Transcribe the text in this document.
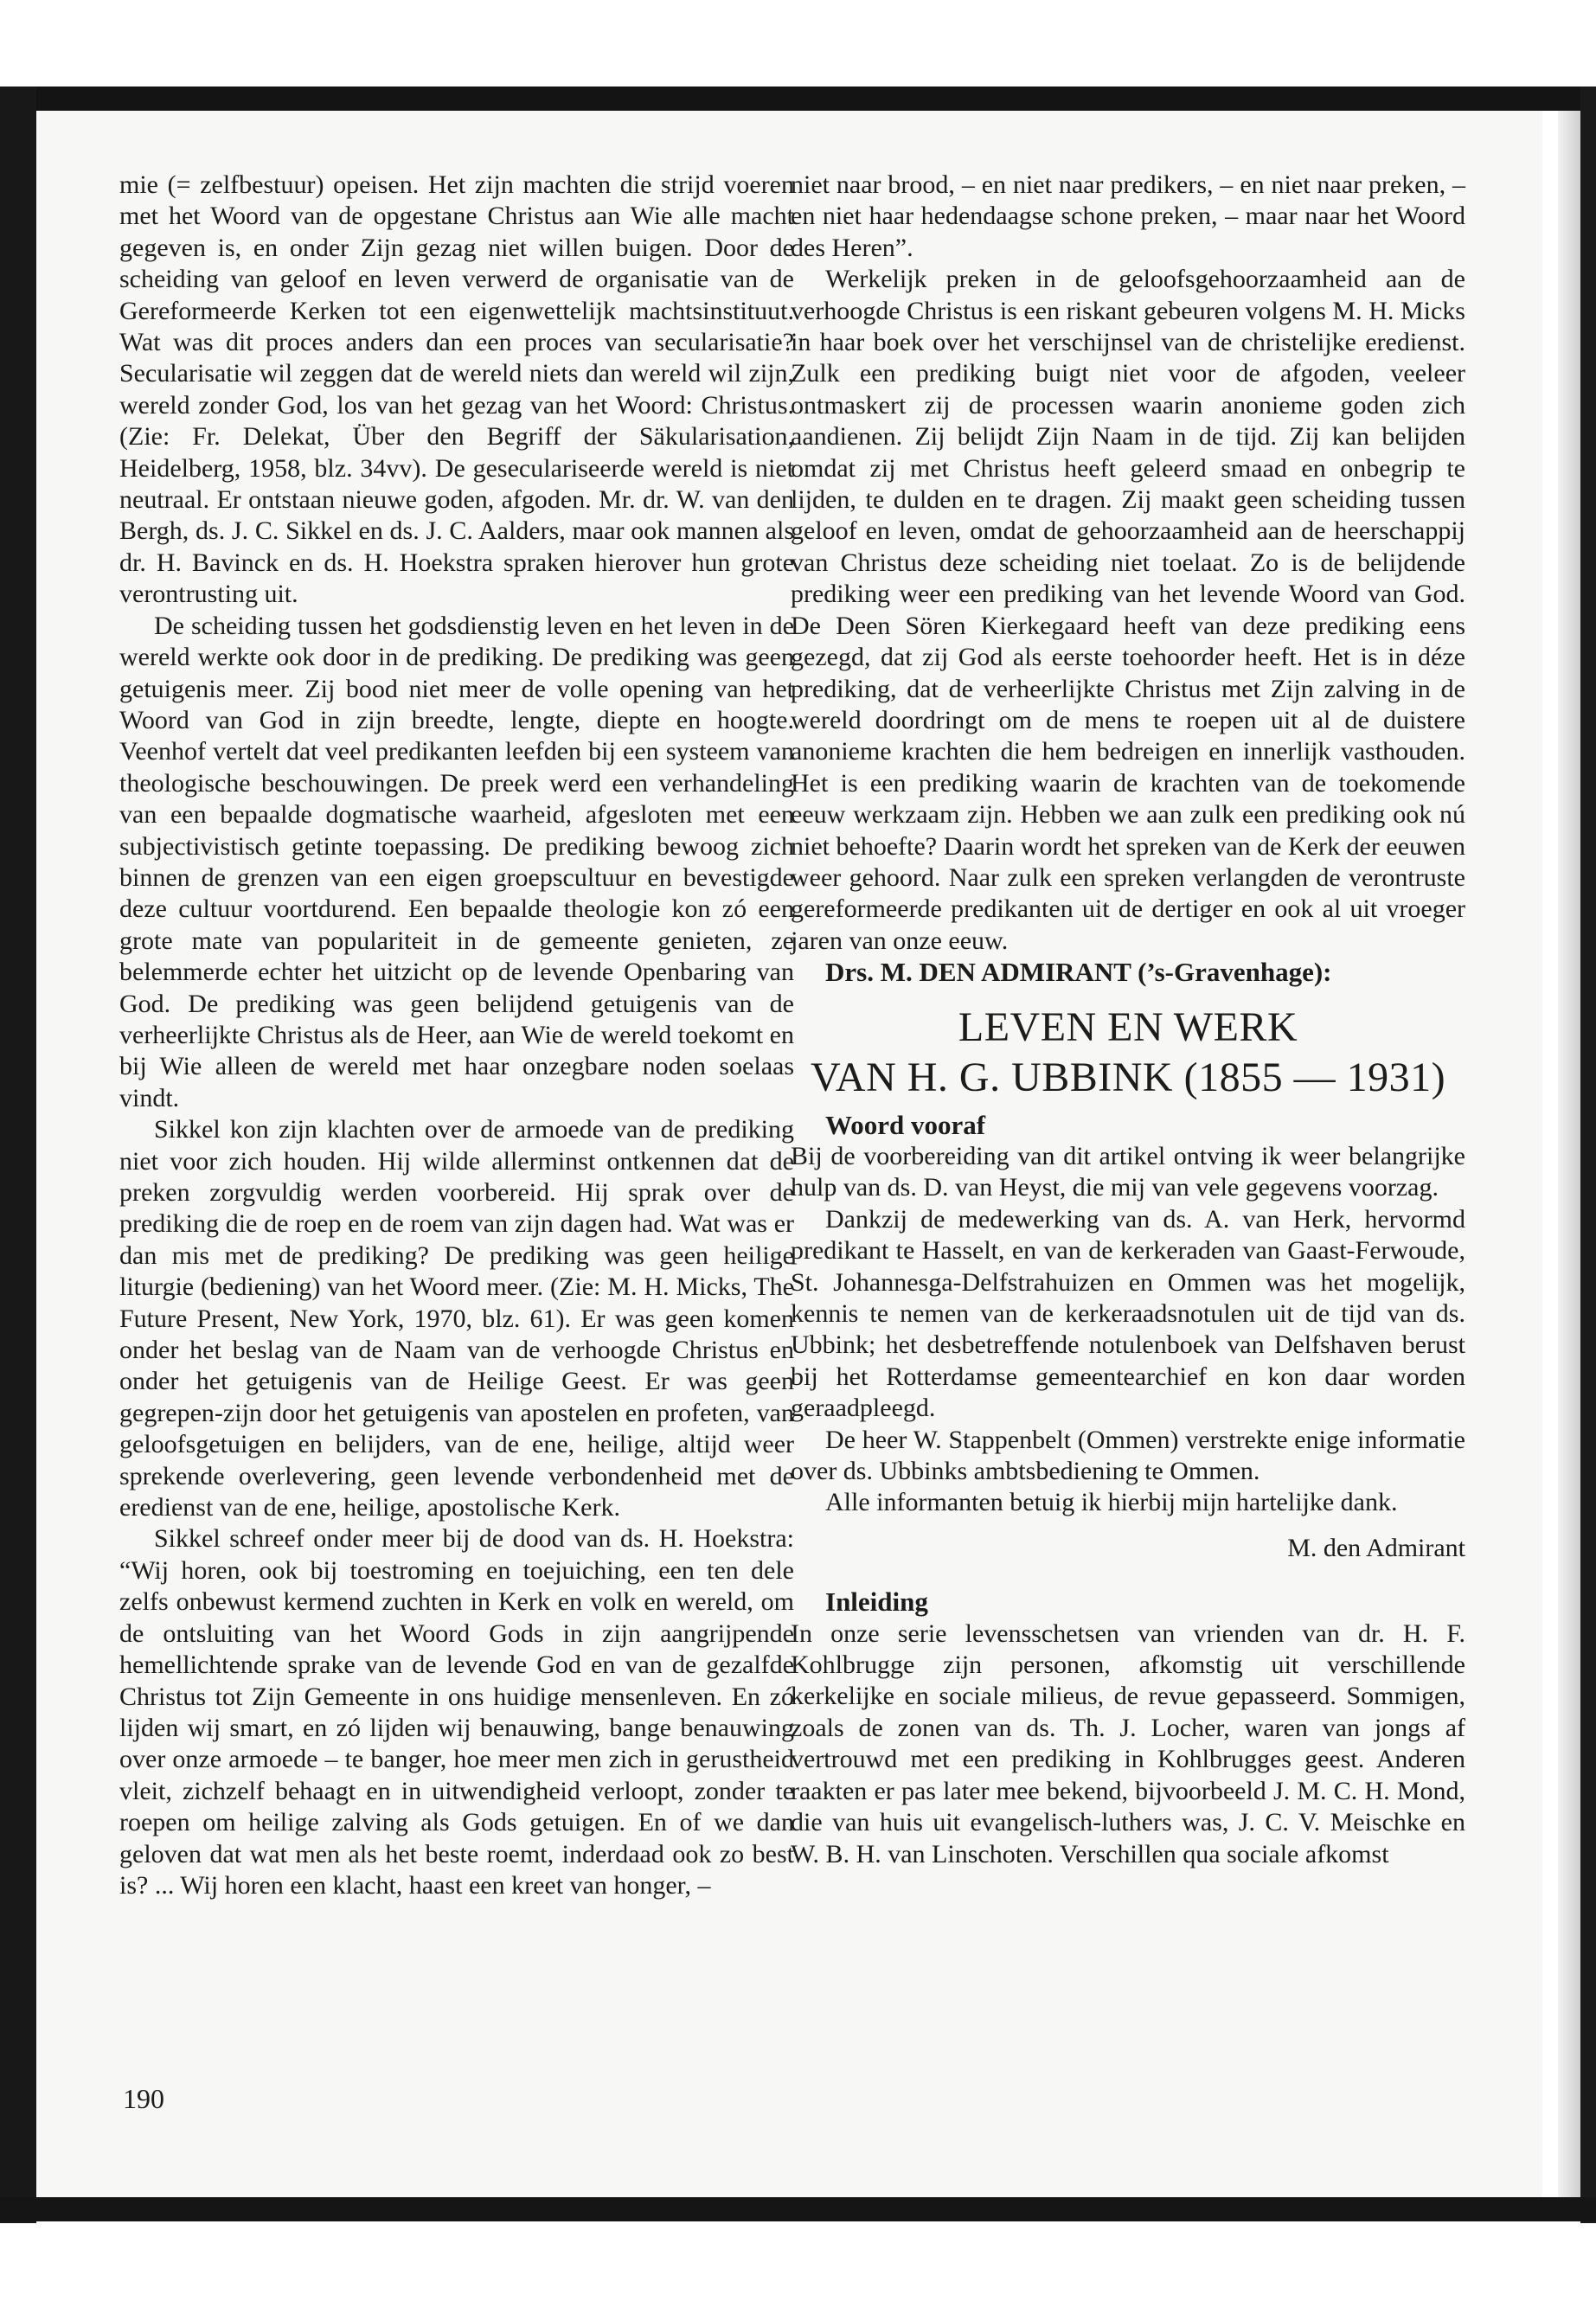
mie (= zelfbestuur) opeisen. Het zijn machten die strijd voeren met het Woord van de opgestane Christus aan Wie alle macht gegeven is, en onder Zijn gezag niet willen buigen. Door de scheiding van geloof en leven verwerd de organisatie van de Gereformeerde Kerken tot een eigenwettelijk machtsinstituut. Wat was dit proces anders dan een proces van secularisatie? Secularisatie wil zeggen dat de wereld niets dan wereld wil zijn, wereld zonder God, los van het gezag van het Woord: Christus. (Zie: Fr. Delekat, Über den Begriff der Säkularisation, Heidelberg, 1958, blz. 34vv). De geseculariseerde wereld is niet neutraal. Er ontstaan nieuwe goden, afgoden. Mr. dr. W. van den Bergh, ds. J. C. Sikkel en ds. J. C. Aalders, maar ook mannen als dr. H. Bavinck en ds. H. Hoekstra spraken hierover hun grote verontrusting uit.

De scheiding tussen het godsdienstig leven en het leven in de wereld werkte ook door in de prediking. De prediking was geen getuigenis meer. Zij bood niet meer de volle opening van het Woord van God in zijn breedte, lengte, diepte en hoogte. Veenhof vertelt dat veel predikanten leefden bij een systeem van theologische beschouwingen. De preek werd een verhandeling van een bepaalde dogmatische waarheid, afgesloten met een subjectivistisch getinte toepassing. De prediking bewoog zich binnen de grenzen van een eigen groepscultuur en bevestigde deze cultuur voortdurend. Een bepaalde theologie kon zó een grote mate van populariteit in de gemeente genieten, ze belemmerde echter het uitzicht op de levende Openbaring van God. De prediking was geen belijdend getuigenis van de verheerlijkte Christus als de Heer, aan Wie de wereld toekomt en bij Wie alleen de wereld met haar onzegbare noden soelaas vindt.

Sikkel kon zijn klachten over de armoede van de prediking niet voor zich houden. Hij wilde allerminst ontkennen dat de preken zorgvuldig werden voorbereid. Hij sprak over de prediking die de roep en de roem van zijn dagen had. Wat was er dan mis met de prediking? De prediking was geen heilige liturgie (bediening) van het Woord meer. (Zie: M. H. Micks, The Future Present, New York, 1970, blz. 61). Er was geen komen onder het beslag van de Naam van de verhoogde Christus en onder het getuigenis van de Heilige Geest. Er was geen gegrepen-zijn door het getuigenis van apostelen en profeten, van geloofsgetuigen en belijders, van de ene, heilige, altijd weer sprekende overlevering, geen levende verbondenheid met de eredienst van de ene, heilige, apostolische Kerk.

Sikkel schreef onder meer bij de dood van ds. H. Hoekstra: “Wij horen, ook bij toestroming en toejuiching, een ten dele zelfs onbewust kermend zuchten in Kerk en volk en wereld, om de ontsluiting van het Woord Gods in zijn aangrijpende hemellichtende sprake van de levende God en van de gezalfde Christus tot Zijn Gemeente in ons huidige mensenleven. En zó lijden wij smart, en zó lijden wij benauwing, bange benauwing over onze armoede – te banger, hoe meer men zich in gerustheid vleit, zichzelf behaagt en in uitwendigheid verloopt, zonder te roepen om heilige zalving als Gods getuigen. En of we dan geloven dat wat men als het beste roemt, inderdaad ook zo best is? ... Wij horen een klacht, haast een kreet van honger, –

niet naar brood, – en niet naar predikers, – en niet naar preken, – en niet haar hedendaagse schone preken, – maar naar het Woord des Heren”.

Werkelijk preken in de geloofsgehoorzaamheid aan de verhoogde Christus is een riskant gebeuren volgens M. H. Micks in haar boek over het verschijnsel van de christelijke eredienst. Zulk een prediking buigt niet voor de afgoden, veeleer ontmaskert zij de processen waarin anonieme goden zich aandienen. Zij belijdt Zijn Naam in de tijd. Zij kan belijden omdat zij met Christus heeft geleerd smaad en onbegrip te lijden, te dulden en te dragen. Zij maakt geen scheiding tussen geloof en leven, omdat de gehoorzaamheid aan de heerschappij van Christus deze scheiding niet toelaat. Zo is de belijdende prediking weer een prediking van het levende Woord van God. De Deen Sören Kierkegaard heeft van deze prediking eens gezegd, dat zij God als eerste toehoorder heeft. Het is in déze prediking, dat de verheerlijkte Christus met Zijn zalving in de wereld doordringt om de mens te roepen uit al de duistere anonieme krachten die hem bedreigen en innerlijk vasthouden. Het is een prediking waarin de krachten van de toekomende eeuw werkzaam zijn. Hebben we aan zulk een prediking ook nú niet behoefte? Daarin wordt het spreken van de Kerk der eeuwen weer gehoord. Naar zulk een spreken verlangden de verontruste gereformeerde predikanten uit de dertiger en ook al uit vroeger jaren van onze eeuw.

Drs. M. DEN ADMIRANT (’s-Gravenhage):

LEVEN EN WERK
VAN H. G. UBBINK (1855 — 1931)

Woord vooraf

Bij de voorbereiding van dit artikel ontving ik weer belangrijke hulp van ds. D. van Heyst, die mij van vele gegevens voorzag.

Dankzij de medewerking van ds. A. van Herk, hervormd predikant te Hasselt, en van de kerkeraden van Gaast-Ferwoude, St. Johannesga-Delfstrahuizen en Ommen was het mogelijk, kennis te nemen van de kerkeraadsnotulen uit de tijd van ds. Ubbink; het desbetreffende notulenboek van Delfshaven berust bij het Rotterdamse gemeentearchief en kon daar worden geraadpleegd.

De heer W. Stappenbelt (Ommen) verstrekte enige informatie over ds. Ubbinks ambtsbediening te Ommen.

Alle informanten betuig ik hierbij mijn hartelijke dank.

M. den Admirant

Inleiding

In onze serie levensschetsen van vrienden van dr. H. F. Kohlbrugge zijn personen, afkomstig uit verschillende kerkelijke en sociale milieus, de revue gepasseerd. Sommigen, zoals de zonen van ds. Th. J. Locher, waren van jongs af vertrouwd met een prediking in Kohlbrugges geest. Anderen raakten er pas later mee bekend, bijvoorbeeld J. M. C. H. Mond, die van huis uit evangelisch-luthers was, J. C. V. Meischke en W. B. H. van Linschoten. Verschillen qua sociale afkomst

190
